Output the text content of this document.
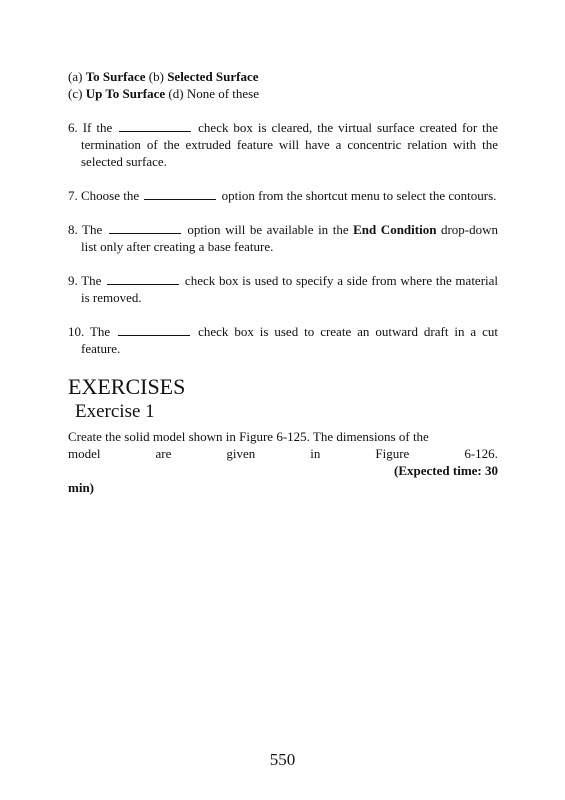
(a) To Surface (b) Selected Surface
(c) Up To Surface (d) None of these

6. If the	check box is cleared, the virtual surface created for the termination of the extruded feature will have a concentric relation with the selected surface.

7. Choose the	option from the shortcut menu to select the contours.

8. The	option will be available in the End Condition drop-down list only after creating a base feature.

9. The	check box is used to specify a side from where the material is removed.

10. The	check box is used to create an outward draft in a cut feature.

EXERCISES
Exercise 1
Create the solid model shown in Figure 6-125. The dimensions of the
model	are	given	in	Figure	6-126.
(Expected time: 30
min)
550
